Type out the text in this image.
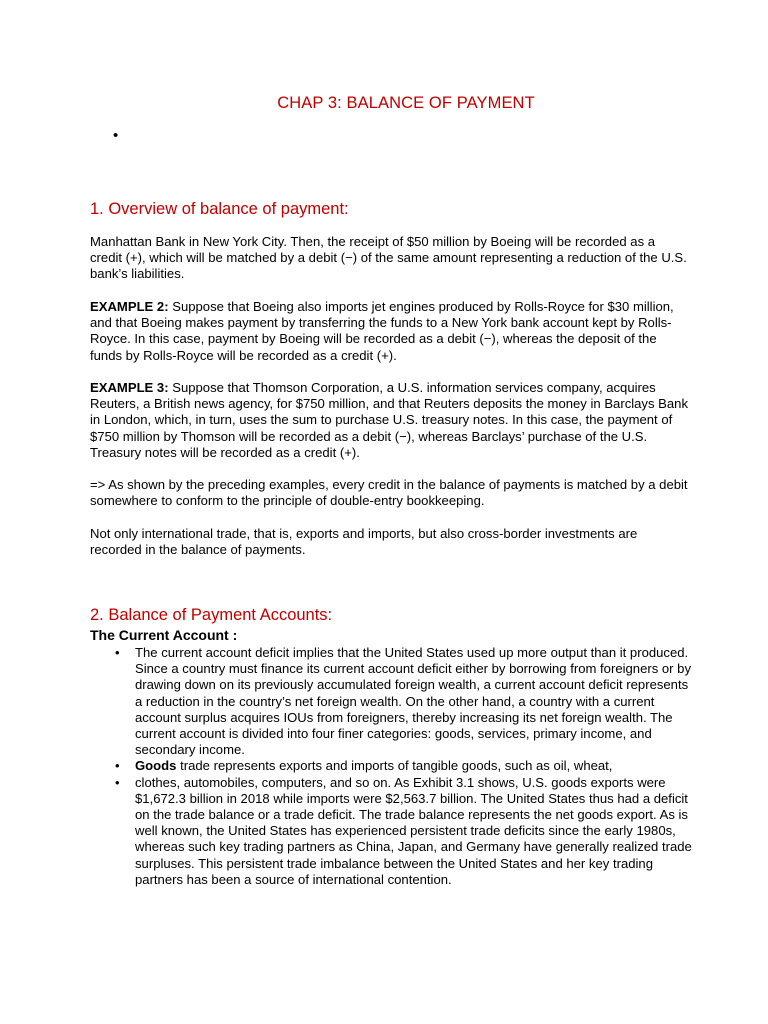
CHAP 3: BALANCE OF PAYMENT
•
1. Overview of balance of payment:

Manhattan Bank in New York City. Then, the receipt of $50 million by Boeing will be recorded as a credit (+), which will be matched by a debit (−) of the same amount representing a reduction of the U.S. bank’s liabilities.

EXAMPLE 2: Suppose that Boeing also imports jet engines produced by Rolls-Royce for $30 million, and that Boeing makes payment by transferring the funds to a New York bank account kept by Rolls-Royce. In this case, payment by Boeing will be recorded as a debit (−), whereas the deposit of the funds by Rolls-Royce will be recorded as a credit (+).

EXAMPLE 3: Suppose that Thomson Corporation, a U.S. information services company, acquires Reuters, a British news agency, for $750 million, and that Reuters deposits the money in Barclays Bank in London, which, in turn, uses the sum to purchase U.S. treasury notes. In this case, the payment of $750 million by Thomson will be recorded as a debit (−), whereas Barclays’ purchase of the U.S. Treasury notes will be recorded as a credit (+).

=> As shown by the preceding examples, every credit in the balance of payments is matched by a debit somewhere to conform to the principle of double-entry bookkeeping.

Not only international trade, that is, exports and imports, but also cross-border investments are recorded in the balance of payments.

2. Balance of Payment Accounts:
The Current Account :
•	The current account deficit implies that the United States used up more output than it produced. Since a country must finance its current account deficit either by borrowing from foreigners or by drawing down on its previously accumulated foreign wealth, a current account deficit represents a reduction in the country’s net foreign wealth. On the other hand, a country with a current account surplus acquires IOUs from foreigners, thereby increasing its net foreign wealth. The current account is divided into four finer categories: goods, services, primary income, and secondary income.
•	Goods trade represents exports and imports of tangible goods, such as oil, wheat,
•	clothes, automobiles, computers, and so on. As Exhibit 3.1 shows, U.S. goods exports were $1,672.3 billion in 2018 while imports were $2,563.7 billion. The United States thus had a deficit on the trade balance or a trade deficit. The trade balance represents the net goods export. As is well known, the United States has experienced persistent trade deficits since the early 1980s, whereas such key trading partners as China, Japan, and Germany have generally realized trade surpluses. This persistent trade imbalance between the United States and her key trading partners has been a source of international contention.
